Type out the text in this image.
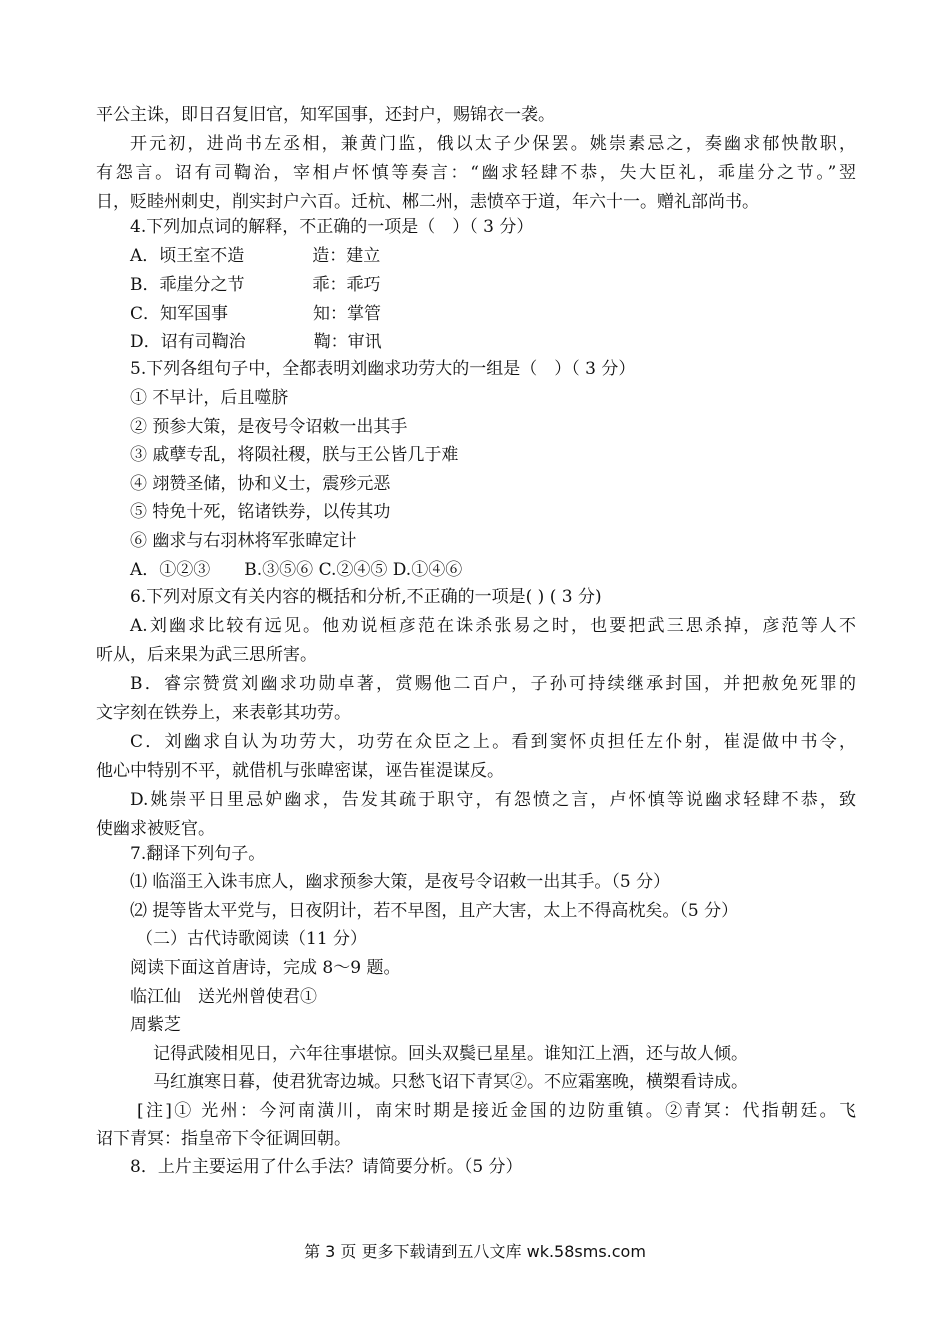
平公主诛，即日召复旧官，知军国事，还封户，赐锦衣一袭。
开元初，进尚书左丞相，兼黄门监，俄以太子少保罢。姚崇素忌之，奏幽求郁怏散职，
有怨言。诏有司鞫治，宰相卢怀慎等奏言：“幽求轻肆不恭，失大臣礼，乖崖分之节。”翌
日，贬睦州刺史，削实封户六百。迁杭、郴二州，恚愤卒于道，年六十一。赠礼部尚书。
4.下列加点词的解释，不正确的一项是（　）（ 3 分）
A．顷王室不造　　　　造：建立
B．乖崖分之节　　　　乖：乖巧
C．知军国事　　　　　知：掌管
D．诏有司鞫治　　　　鞫：审讯
5.下列各组句子中，全都表明刘幽求功劳大的一组是（　）（ 3 分）
① 不早计，后且噬脐
② 预参大策，是夜号令诏敕一出其手
③ 戚孽专乱，将陨社稷，朕与王公皆几于难
④ 翊赞圣储，协和义士，震殄元恶
⑤ 特免十死，铭诸铁券，以传其功
⑥ 幽求与右羽林将军张暐定计
A．①②③　　B.③⑤⑥ C.②④⑤ D.①④⑥
6.下列对原文有关内容的概括和分析,不正确的一项是( ) ( 3 分)
A.刘幽求比较有远见。他劝说桓彦范在诛杀张易之时，也要把武三思杀掉，彦范等人不
听从，后来果为武三思所害。
B．睿宗赞赏刘幽求功勋卓著，赏赐他二百户，子孙可持续继承封国，并把赦免死罪的
文字刻在铁券上，来表彰其功劳。
C．刘幽求自认为功劳大，功劳在众臣之上。看到窦怀贞担任左仆射，崔湜做中书令，
他心中特别不平，就借机与张暐密谋，诬告崔湜谋反。
D.姚崇平日里忌妒幽求，告发其疏于职守，有怨愤之言，卢怀慎等说幽求轻肆不恭，致
使幽求被贬官。
7.翻译下列句子。
⑴ 临淄王入诛韦庶人，幽求预参大策，是夜号令诏敕一出其手。（5 分）
⑵ 提等皆太平党与，日夜阴计，若不早图，且产大害，太上不得高枕矣。（5 分）
（二）古代诗歌阅读（11 分）
阅读下面这首唐诗，完成 8～9 题。
临江仙　送光州曾使君①
周紫芝
记得武陵相见日，六年往事堪惊。回头双鬓已星星。谁知江上酒，还与故人倾。
马红旗寒日暮，使君犹寄边城。只愁飞诏下青冥②。不应霜塞晚，横槊看诗成。
[注]① 光州：今河南潢川，南宋时期是接近金国的边防重镇。②青冥：代指朝廷。飞
诏下青冥：指皇帝下令征调回朝。
8．上片主要运用了什么手法？请简要分析。（5 分）
第 3 页 更多下载请到五八文库 wk.58sms.com
